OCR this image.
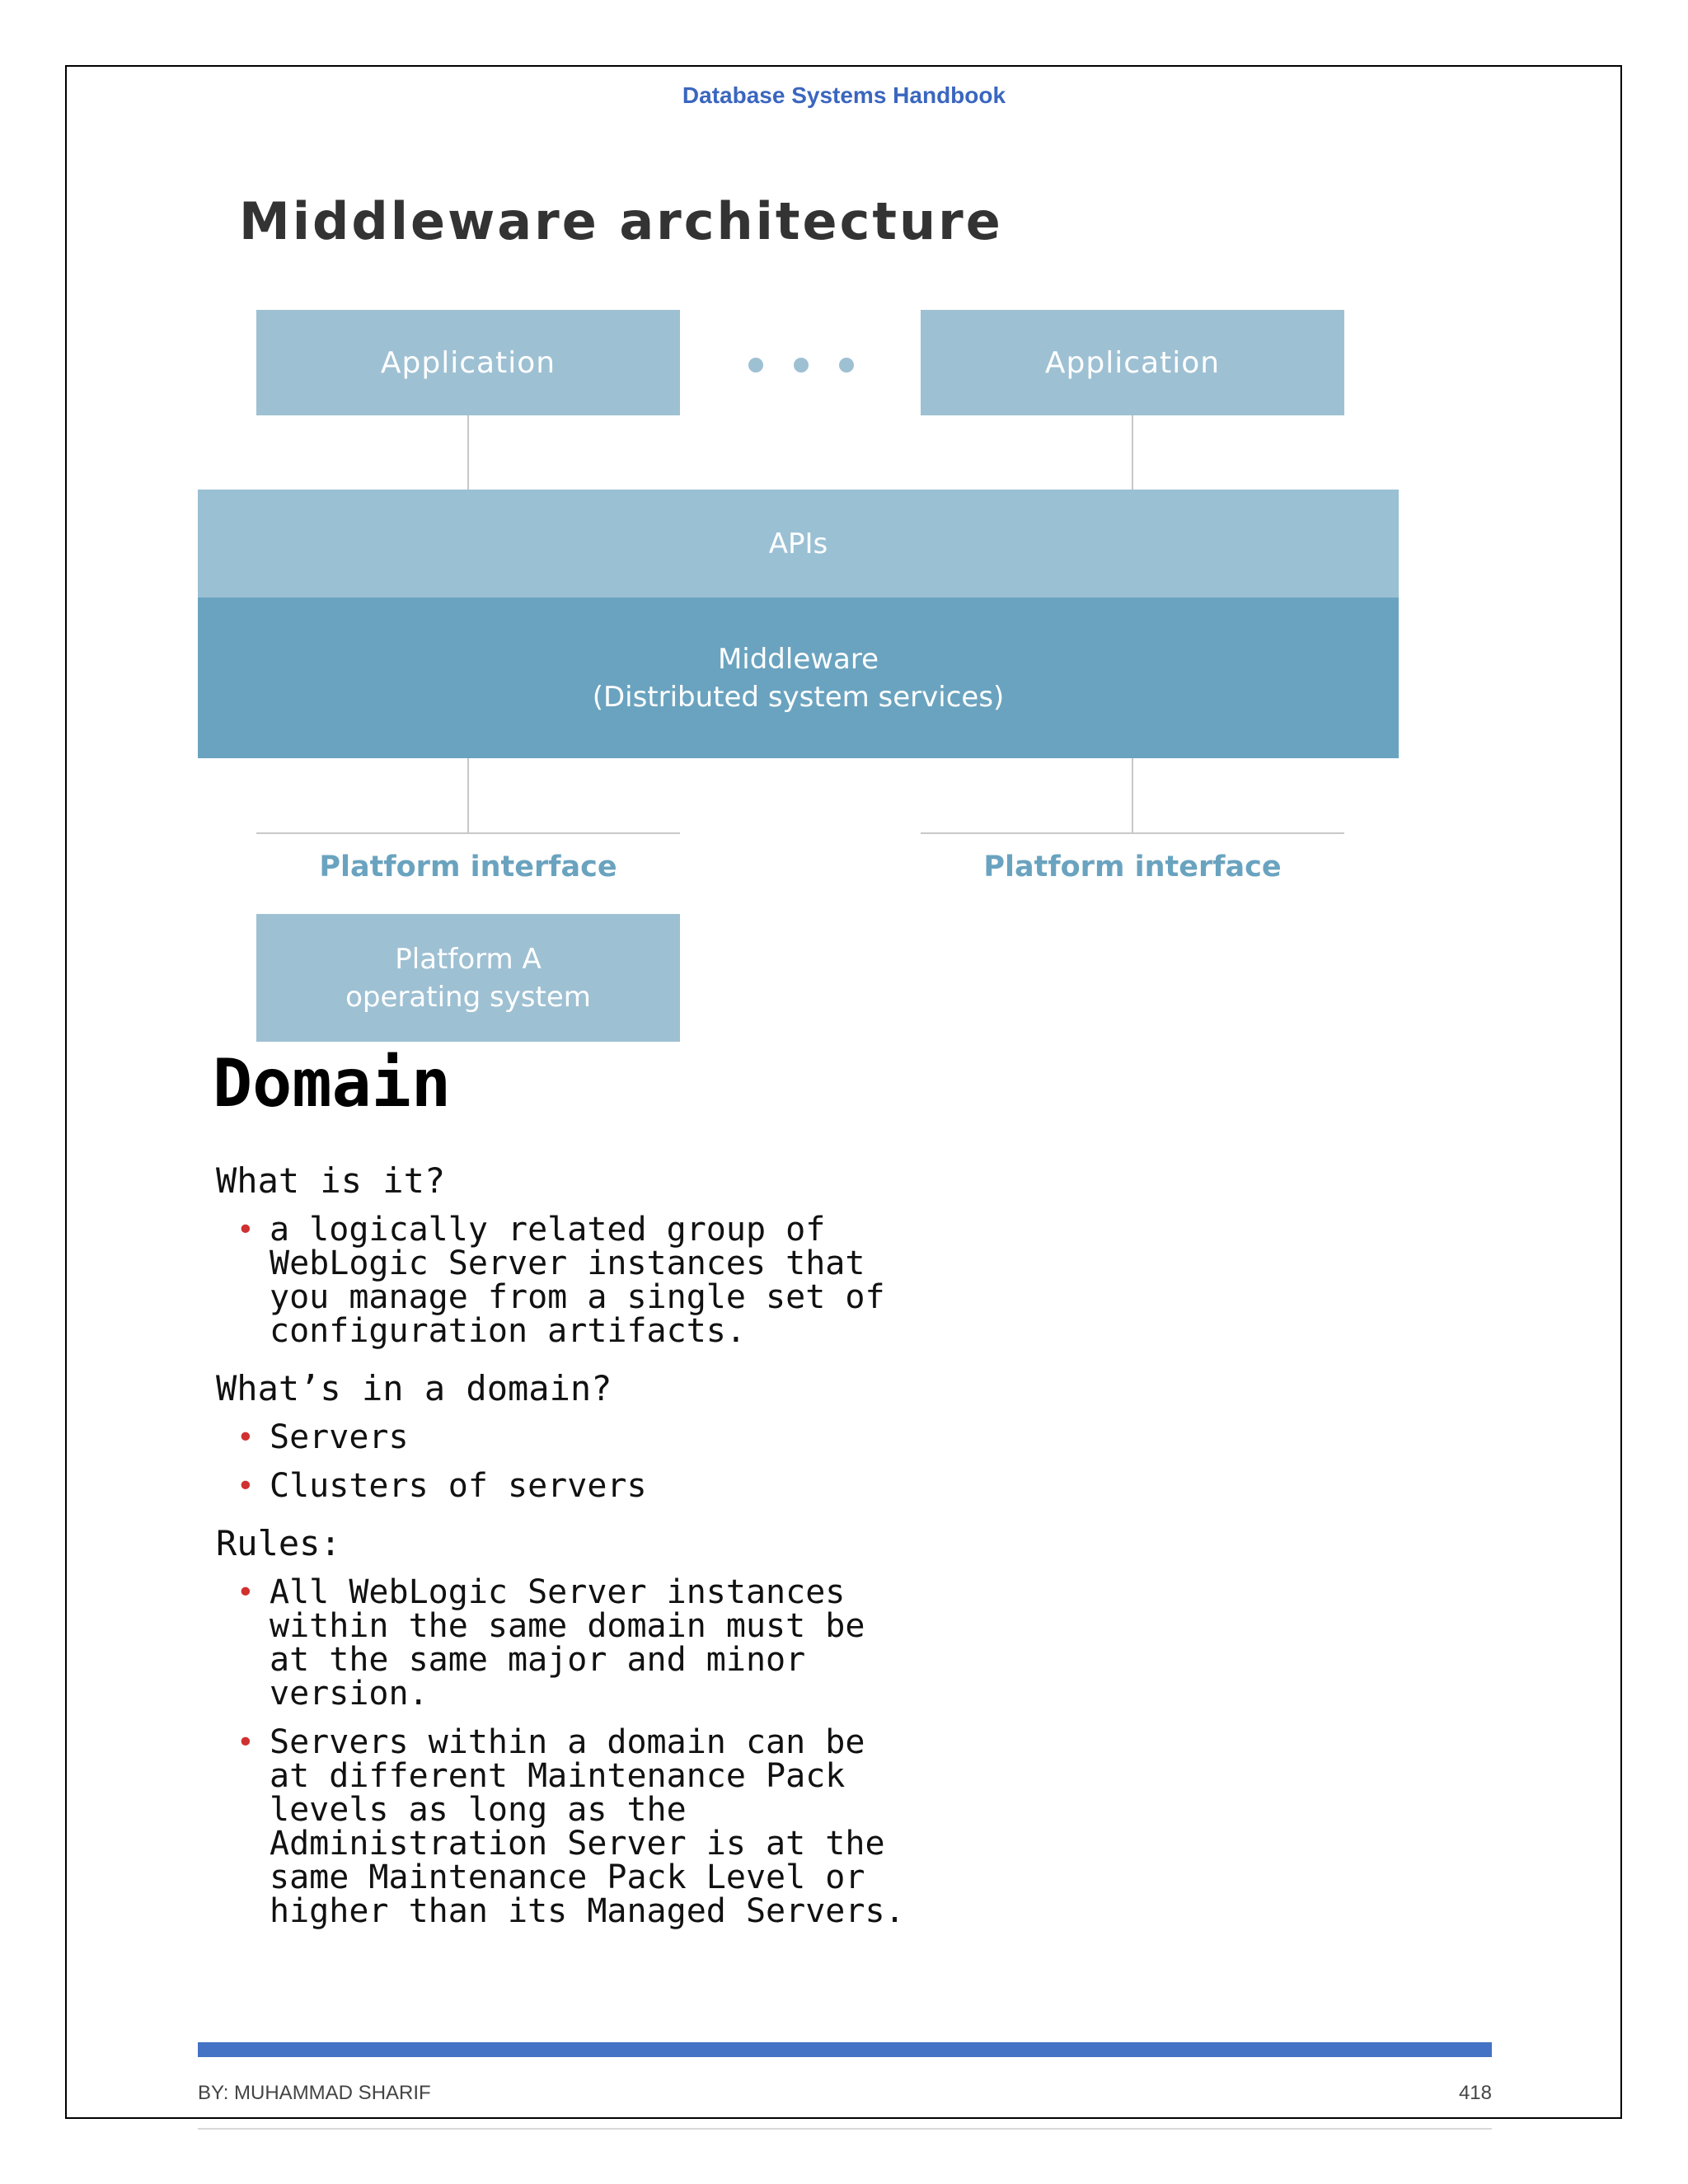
Database Systems Handbook
Middleware architecture
Application	Application
APIs
Middleware
(Distributed system services)
Platform interface	Platform interface
Platform A
operating system
Domain
What is it?
• a logically related group of WebLogic Server instances that you manage from a single set of configuration artifacts.
What’s in a domain?
• Servers
• Clusters of servers
Rules:
• All WebLogic Server instances within the same domain must be at the same major and minor version.
• Servers within a domain can be at different Maintenance Pack levels as long as the Administration Server is at the same Maintenance Pack Level or higher than its Managed Servers.
BY: MUHAMMAD SHARIF	418
